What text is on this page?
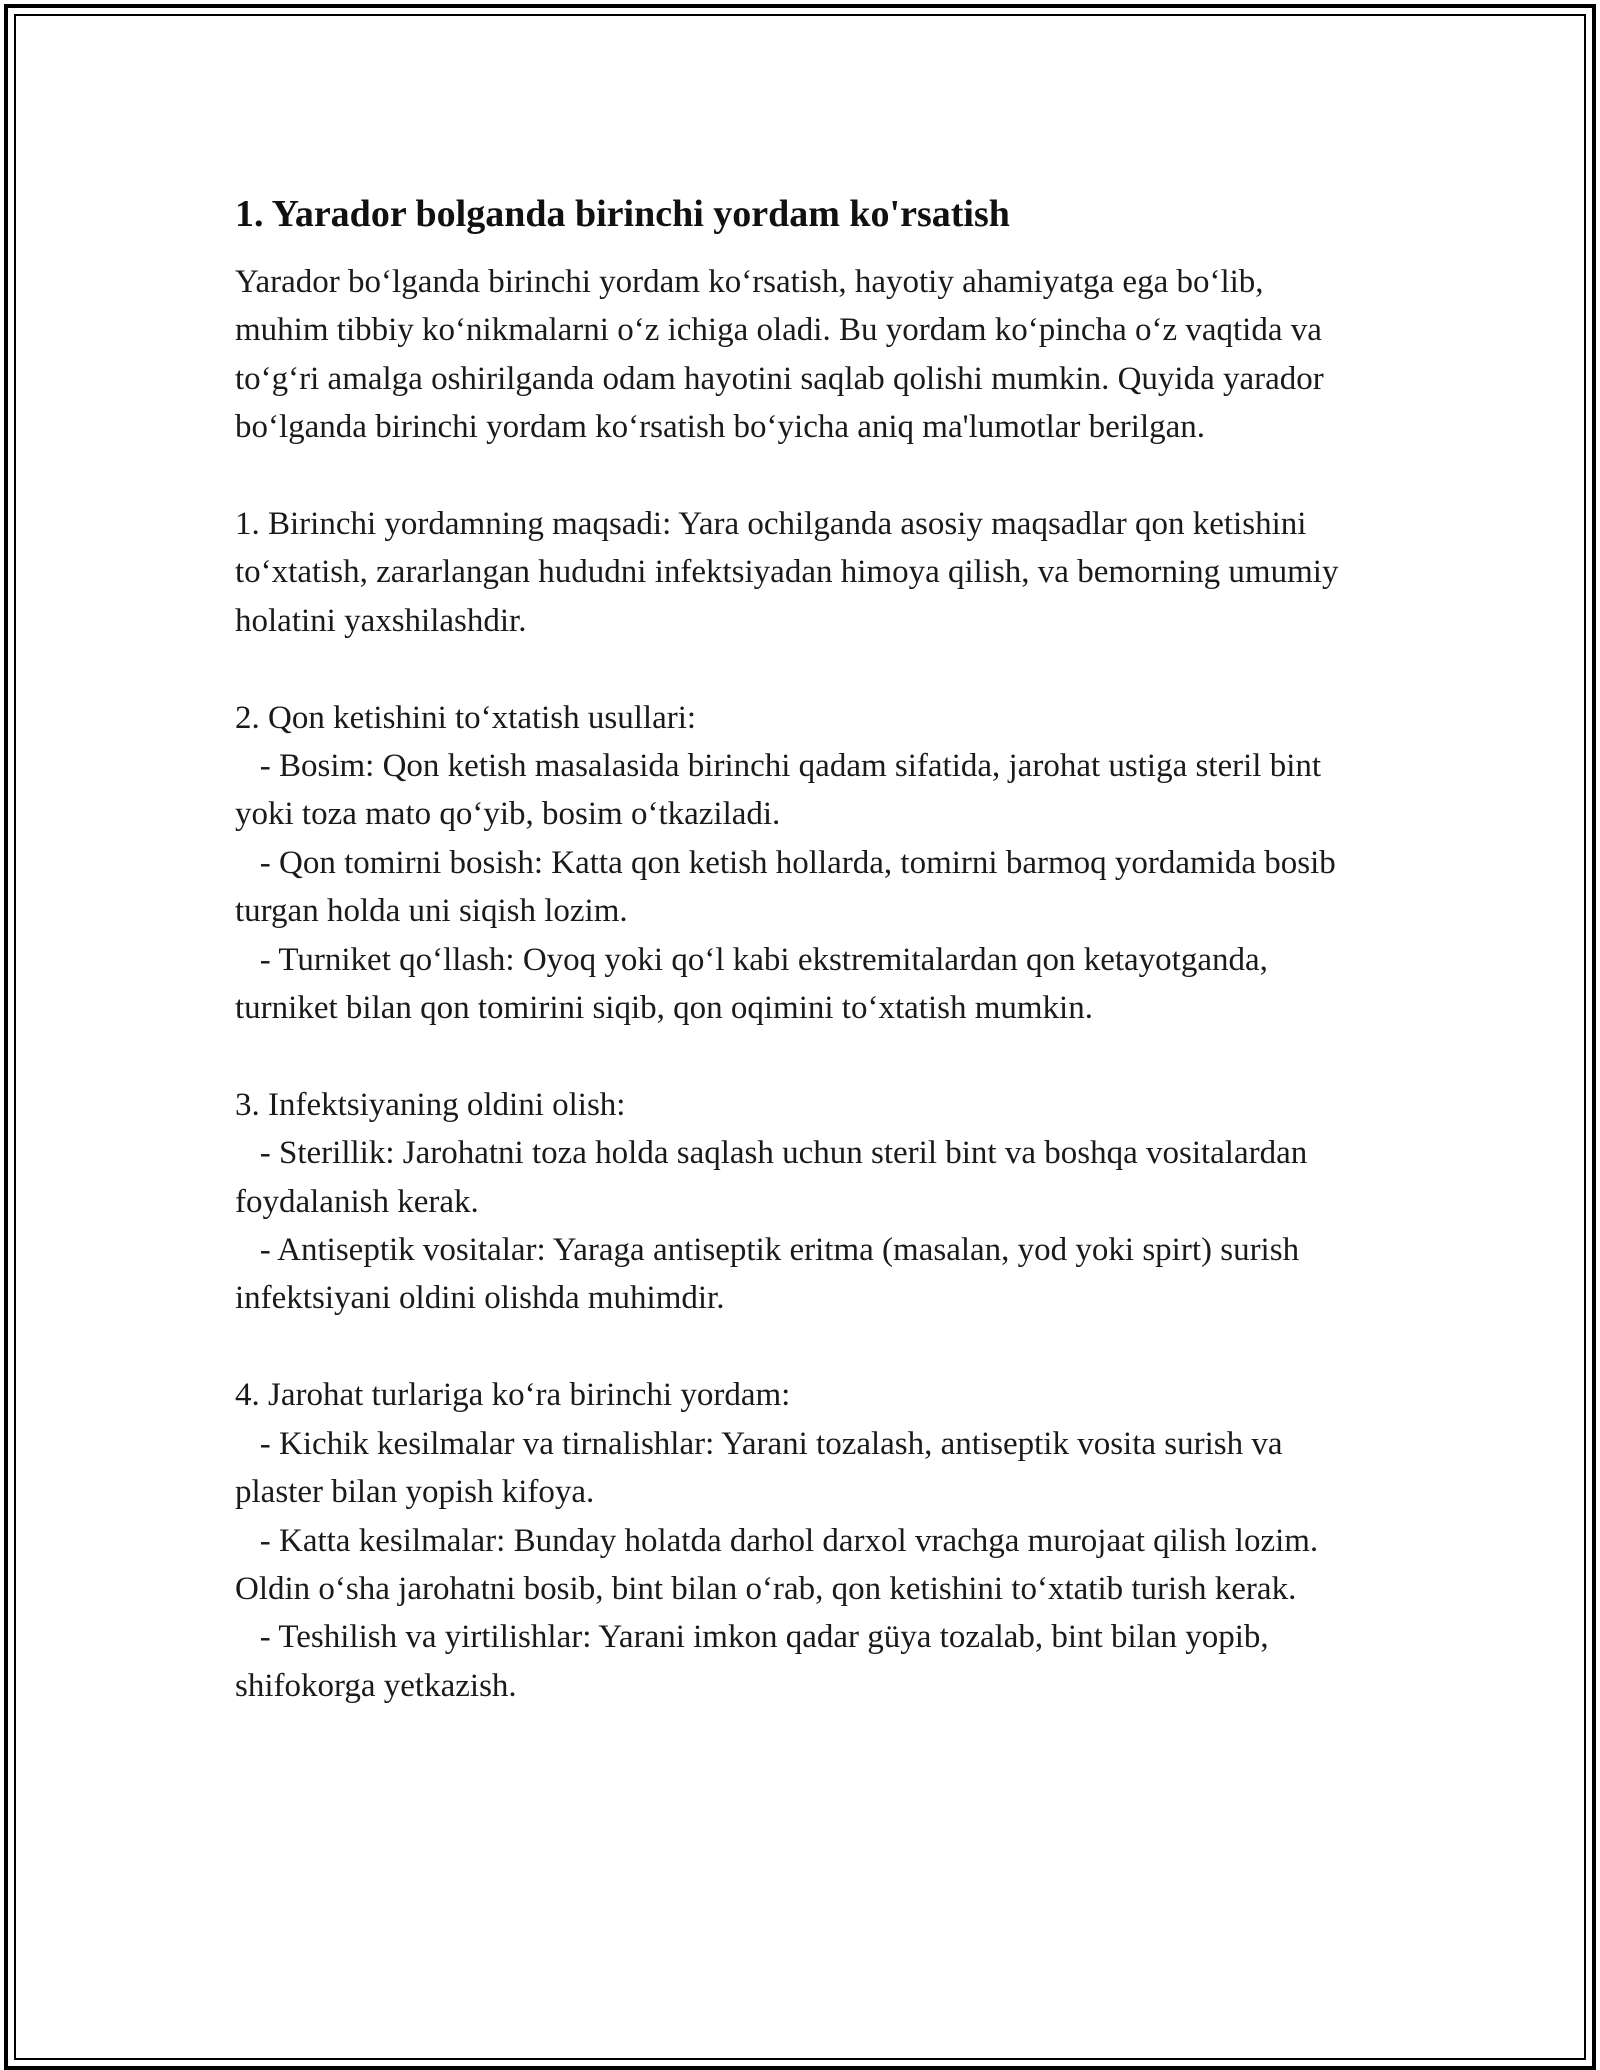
1. Yarador bolganda birinchi yordam ko'rsatish

Yarador bo‘lganda birinchi yordam ko‘rsatish, hayotiy ahamiyatga ega bo‘lib, muhim tibbiy ko‘nikmalarni o‘z ichiga oladi. Bu yordam ko‘pincha o‘z vaqtida va to‘g‘ri amalga oshirilganda odam hayotini saqlab qolishi mumkin. Quyida yarador bo‘lganda birinchi yordam ko‘rsatish bo‘yicha aniq ma'lumotlar berilgan.

1. Birinchi yordamning maqsadi: Yara ochilganda asosiy maqsadlar qon ketishini to‘xtatish, zararlangan hududni infektsiyadan himoya qilish, va bemorning umumiy holatini yaxshilashdir.

2. Qon ketishini to‘xtatish usullari:

- Bosim: Qon ketish masalasida birinchi qadam sifatida, jarohat ustiga steril bint yoki toza mato qo‘yib, bosim o‘tkaziladi.

- Qon tomirni bosish: Katta qon ketish hollarda, tomirni barmoq yordamida bosib turgan holda uni siqish lozim.

- Turniket qo‘llash: Oyoq yoki qo‘l kabi ekstremitalardan qon ketayotganda, turniket bilan qon tomirini siqib, qon oqimini to‘xtatish mumkin.

3. Infektsiyaning oldini olish:

- Sterillik: Jarohatni toza holda saqlash uchun steril bint va boshqa vositalardan foydalanish kerak.

- Antiseptik vositalar: Yaraga antiseptik eritma (masalan, yod yoki spirt) surish infektsiyani oldini olishda muhimdir.

4. Jarohat turlariga ko‘ra birinchi yordam:

- Kichik kesilmalar va tirnalishlar: Yarani tozalash, antiseptik vosita surish va plaster bilan yopish kifoya.

- Katta kesilmalar: Bunday holatda darhol darxol vrachga murojaat qilish lozim. Oldin o‘sha jarohatni bosib, bint bilan o‘rab, qon ketishini to‘xtatib turish kerak.

- Teshilish va yirtilishlar: Yarani imkon qadar güya tozalab, bint bilan yopib, shifokorga yetkazish.
